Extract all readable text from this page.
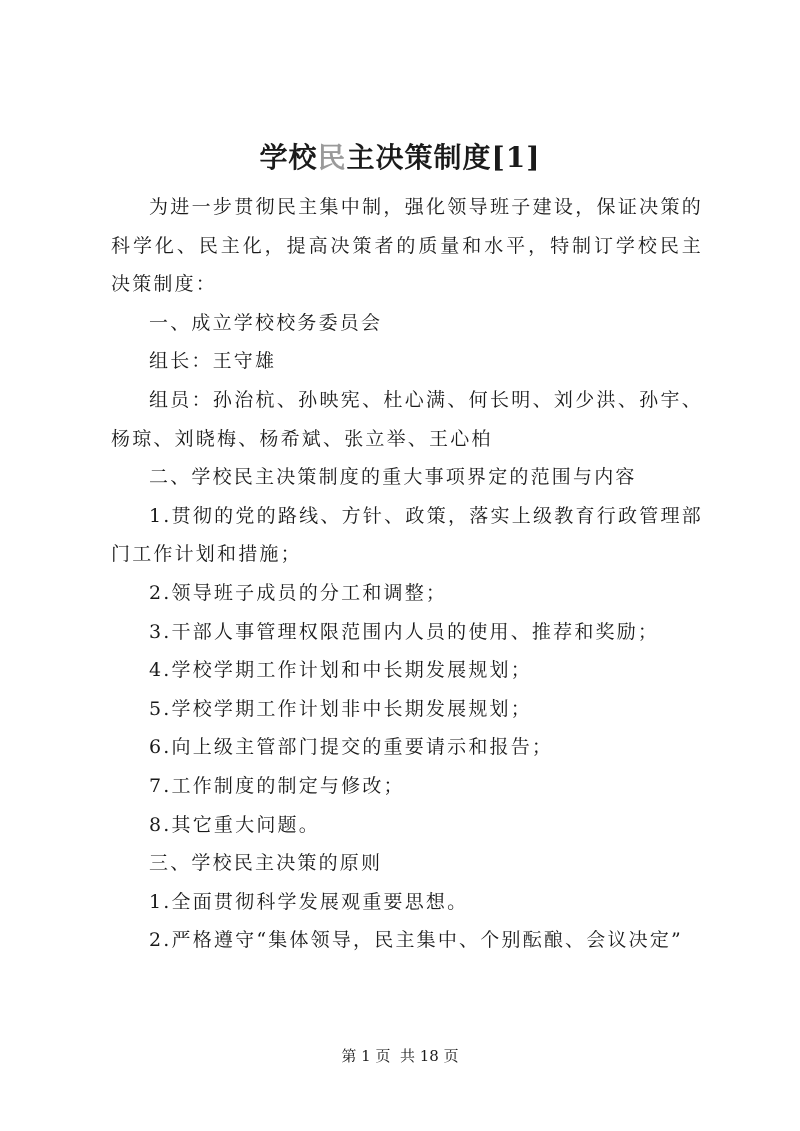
学校民主决策制度[1]

为进一步贯彻民主集中制，强化领导班子建设，保证决策的科学化、民主化，提高决策者的质量和水平，特制订学校民主决策制度：

一、成立学校校务委员会

组长：王守雄

组员：孙治杭、孙映宪、杜心满、何长明、刘少洪、孙宇、杨琼、刘晓梅、杨希斌、张立举、王心柏

二、学校民主决策制度的重大事项界定的范围与内容

1.贯彻的党的路线、方针、政策，落实上级教育行政管理部门工作计划和措施；

2.领导班子成员的分工和调整；

3.干部人事管理权限范围内人员的使用、推荐和奖励；

4.学校学期工作计划和中长期发展规划；

5.学校学期工作计划非中长期发展规划；

6.向上级主管部门提交的重要请示和报告；

7.工作制度的制定与修改；

8.其它重大问题。

三、学校民主决策的原则

1.全面贯彻科学发展观重要思想。

2.严格遵守“集体领导，民主集中、个别酝酿、会议决定”

第 1 页  共 18 页
